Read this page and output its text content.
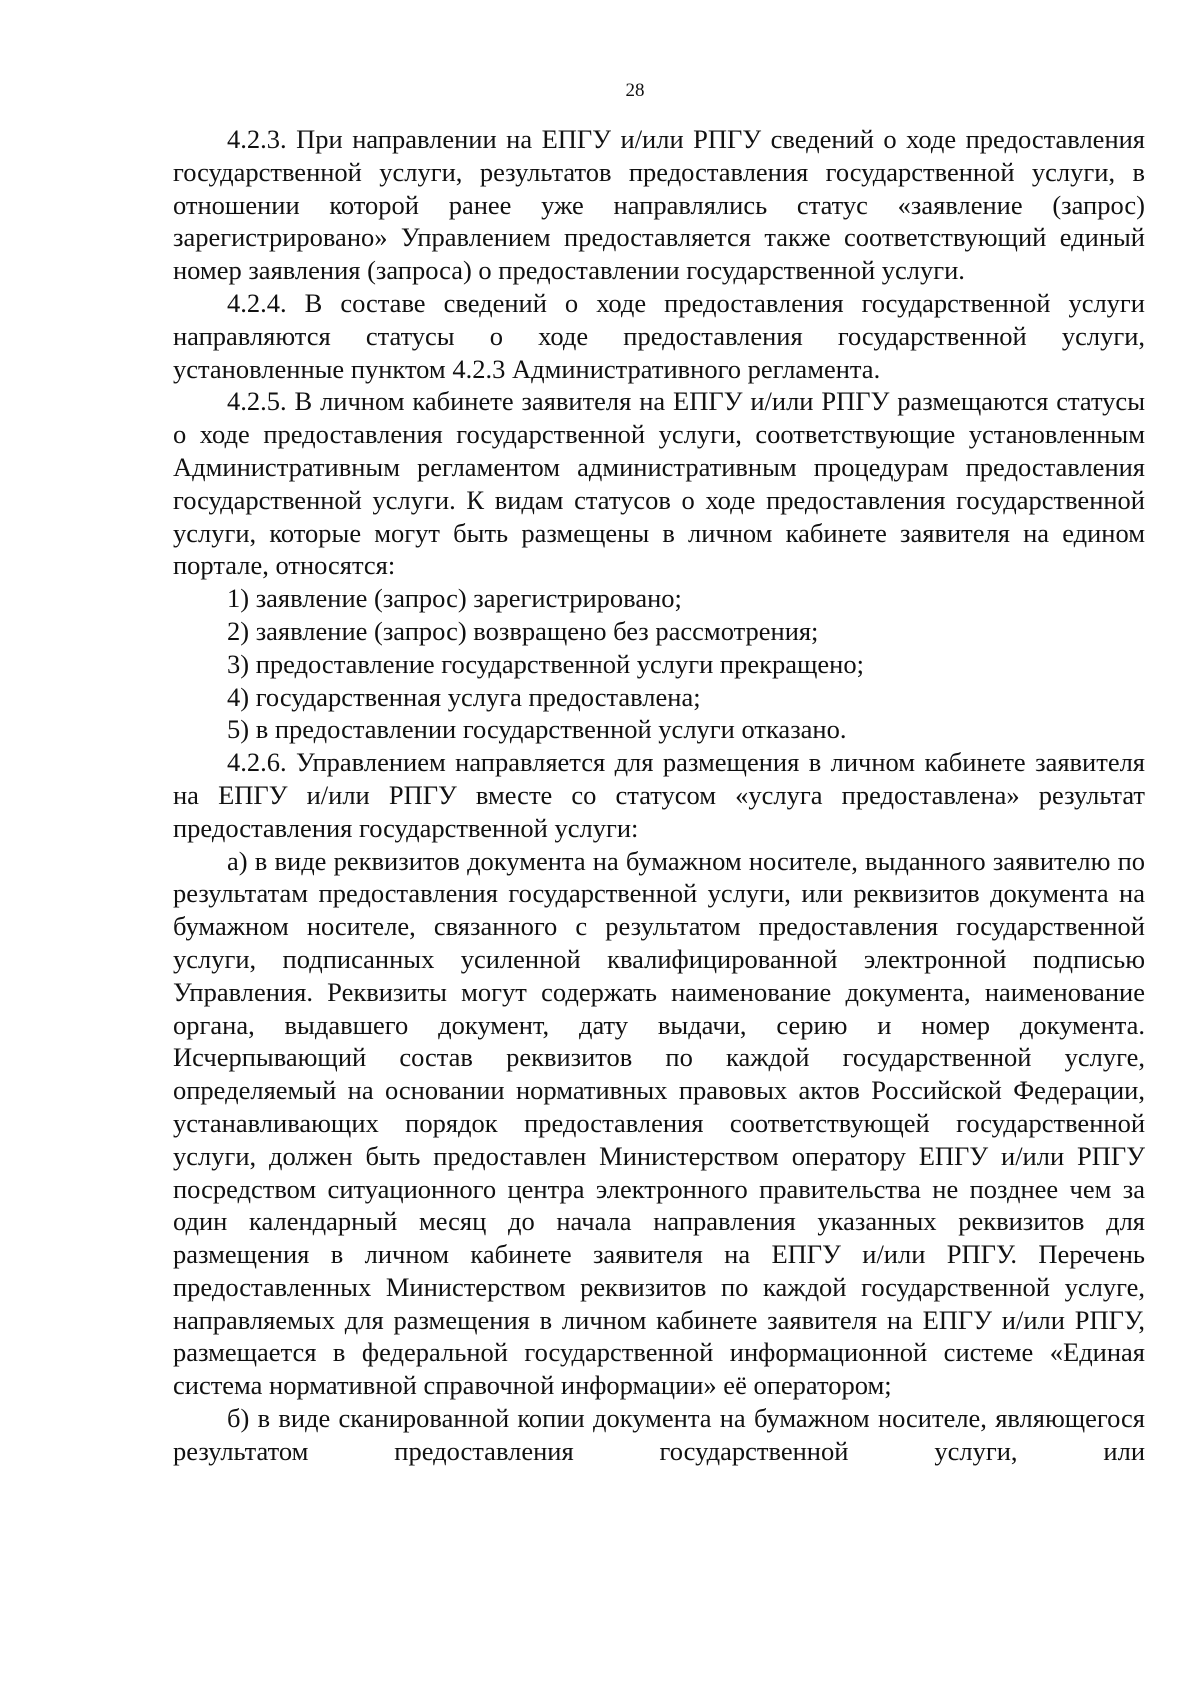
28

4.2.3. При направлении на ЕПГУ и/или РПГУ сведений о ходе предоставления государственной услуги, результатов предоставления государственной услуги, в отношении которой ранее уже направлялись статус «заявление (запрос) зарегистрировано» Управлением предоставляется также соответствующий единый номер заявления (запроса) о предоставлении государственной услуги.

4.2.4. В составе сведений о ходе предоставления государственной услуги направляются статусы о ходе предоставления государственной услуги, установленные пунктом 4.2.3 Административного регламента.

4.2.5. В личном кабинете заявителя на ЕПГУ и/или РПГУ размещаются статусы о ходе предоставления государственной услуги, соответствующие установленным Административным регламентом административным процедурам предоставления государственной услуги. К видам статусов о ходе предоставления государственной услуги, которые могут быть размещены в личном кабинете заявителя на едином портале, относятся:

1) заявление (запрос) зарегистрировано;

2) заявление (запрос) возвращено без рассмотрения;

3) предоставление государственной услуги прекращено;

4) государственная услуга предоставлена;

5) в предоставлении государственной услуги отказано.

4.2.6. Управлением направляется для размещения в личном кабинете заявителя на ЕПГУ и/или РПГУ вместе со статусом «услуга предоставлена» результат предоставления государственной услуги:

а) в виде реквизитов документа на бумажном носителе, выданного заявителю по результатам предоставления государственной услуги, или реквизитов документа на бумажном носителе, связанного с результатом предоставления государственной услуги, подписанных усиленной квалифицированной электронной подписью Управления. Реквизиты могут содержать наименование документа, наименование органа, выдавшего документ, дату выдачи, серию и номер документа. Исчерпывающий состав реквизитов по каждой государственной услуге, определяемый на основании нормативных правовых актов Российской Федерации, устанавливающих порядок предоставления соответствующей государственной услуги, должен быть предоставлен Министерством оператору ЕПГУ и/или РПГУ посредством ситуационного центра электронного правительства не позднее чем за один календарный месяц до начала направления указанных реквизитов для размещения в личном кабинете заявителя на ЕПГУ и/или РПГУ. Перечень предоставленных Министерством реквизитов по каждой государственной услуге, направляемых для размещения в личном кабинете заявителя на ЕПГУ и/или РПГУ, размещается в федеральной государственной информационной системе «Единая система нормативной справочной информации» её оператором;

б) в виде сканированной копии документа на бумажном носителе, являющегося результатом предоставления государственной услуги, или
